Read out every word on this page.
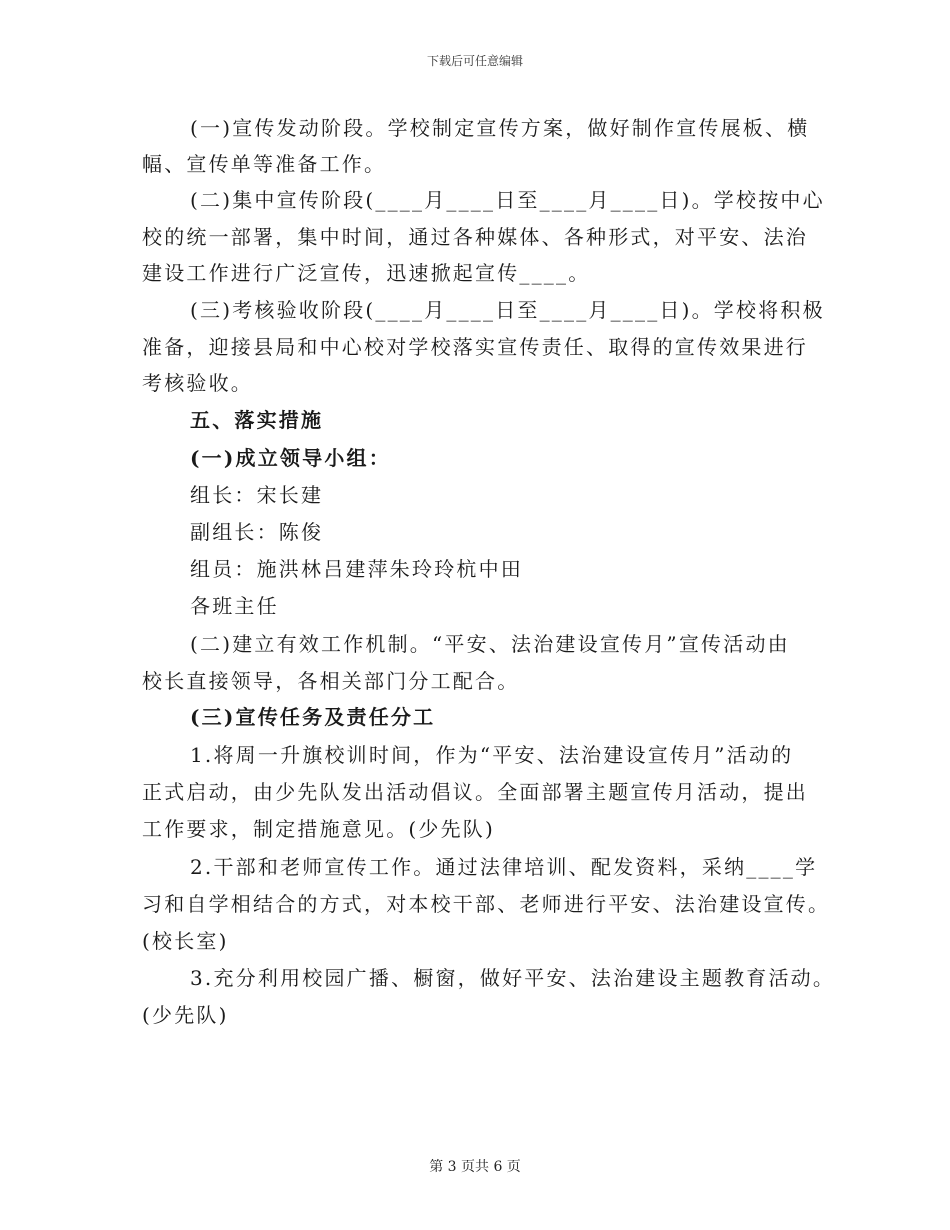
下载后可任意编辑
(一)宣传发动阶段。学校制定宣传方案，做好制作宣传展板、横
幅、宣传单等准备工作。
(二)集中宣传阶段(____月____日至____月____日)。学校按中心
校的统一部署，集中时间，通过各种媒体、各种形式，对平安、法治
建设工作进行广泛宣传，迅速掀起宣传____。
(三)考核验收阶段(____月____日至____月____日)。学校将积极
准备，迎接县局和中心校对学校落实宣传责任、取得的宣传效果进行
考核验收。
五、落实措施
(一)成立领导小组：
组长：宋长建
副组长：陈俊
组员：施洪林吕建萍朱玲玲杭中田
各班主任
(二)建立有效工作机制。“平安、法治建设宣传月”宣传活动由
校长直接领导，各相关部门分工配合。
(三)宣传任务及责任分工
1.将周一升旗校训时间，作为“平安、法治建设宣传月”活动的
正式启动，由少先队发出活动倡议。全面部署主题宣传月活动，提出
工作要求，制定措施意见。(少先队)
2.干部和老师宣传工作。通过法律培训、配发资料，采纳____学
习和自学相结合的方式，对本校干部、老师进行平安、法治建设宣传。
(校长室)
3.充分利用校园广播、橱窗，做好平安、法治建设主题教育活动。
(少先队)
第 3 页共 6 页
